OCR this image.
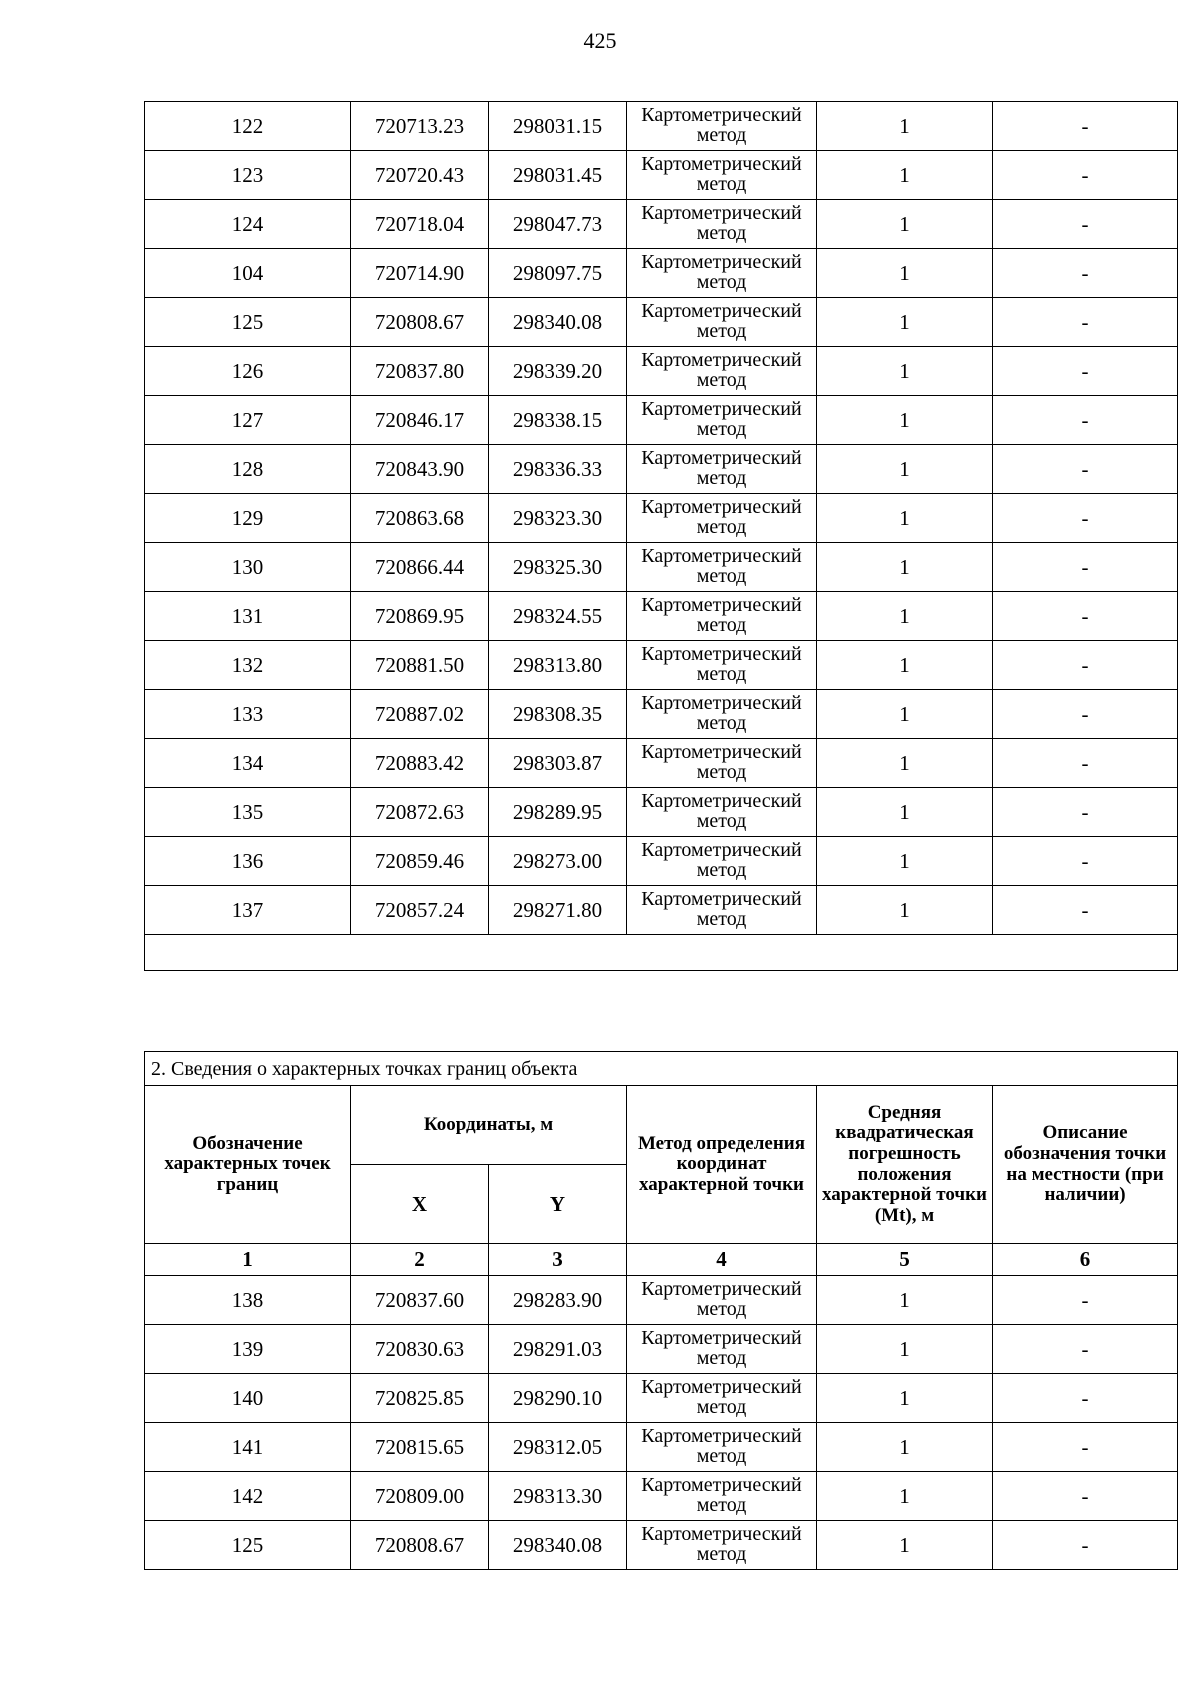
425
122	720713.23	298031.15	Картометрический метод	1	-
123	720720.43	298031.45	Картометрический метод	1	-
124	720718.04	298047.73	Картометрический метод	1	-
104	720714.90	298097.75	Картометрический метод	1	-
125	720808.67	298340.08	Картометрический метод	1	-
126	720837.80	298339.20	Картометрический метод	1	-
127	720846.17	298338.15	Картометрический метод	1	-
128	720843.90	298336.33	Картометрический метод	1	-
129	720863.68	298323.30	Картометрический метод	1	-
130	720866.44	298325.30	Картометрический метод	1	-
131	720869.95	298324.55	Картометрический метод	1	-
132	720881.50	298313.80	Картометрический метод	1	-
133	720887.02	298308.35	Картометрический метод	1	-
134	720883.42	298303.87	Картометрический метод	1	-
135	720872.63	298289.95	Картометрический метод	1	-
136	720859.46	298273.00	Картометрический метод	1	-
137	720857.24	298271.80	Картометрический метод	1	-

2. Сведения о характерных точках границ объекта					
Обозначение характерных точек границ	Координаты, м		Метод определения координат характерной точки	Средняя квадратическая погрешность положения характерной точки (Mt), м	Описание обозначения точки на местности (при наличии)
	X	Y			
1	2	3	4	5	6
138	720837.60	298283.90	Картометрический метод	1	-
139	720830.63	298291.03	Картометрический метод	1	-
140	720825.85	298290.10	Картометрический метод	1	-
141	720815.65	298312.05	Картометрический метод	1	-
142	720809.00	298313.30	Картометрический метод	1	-
125	720808.67	298340.08	Картометрический метод	1	-
